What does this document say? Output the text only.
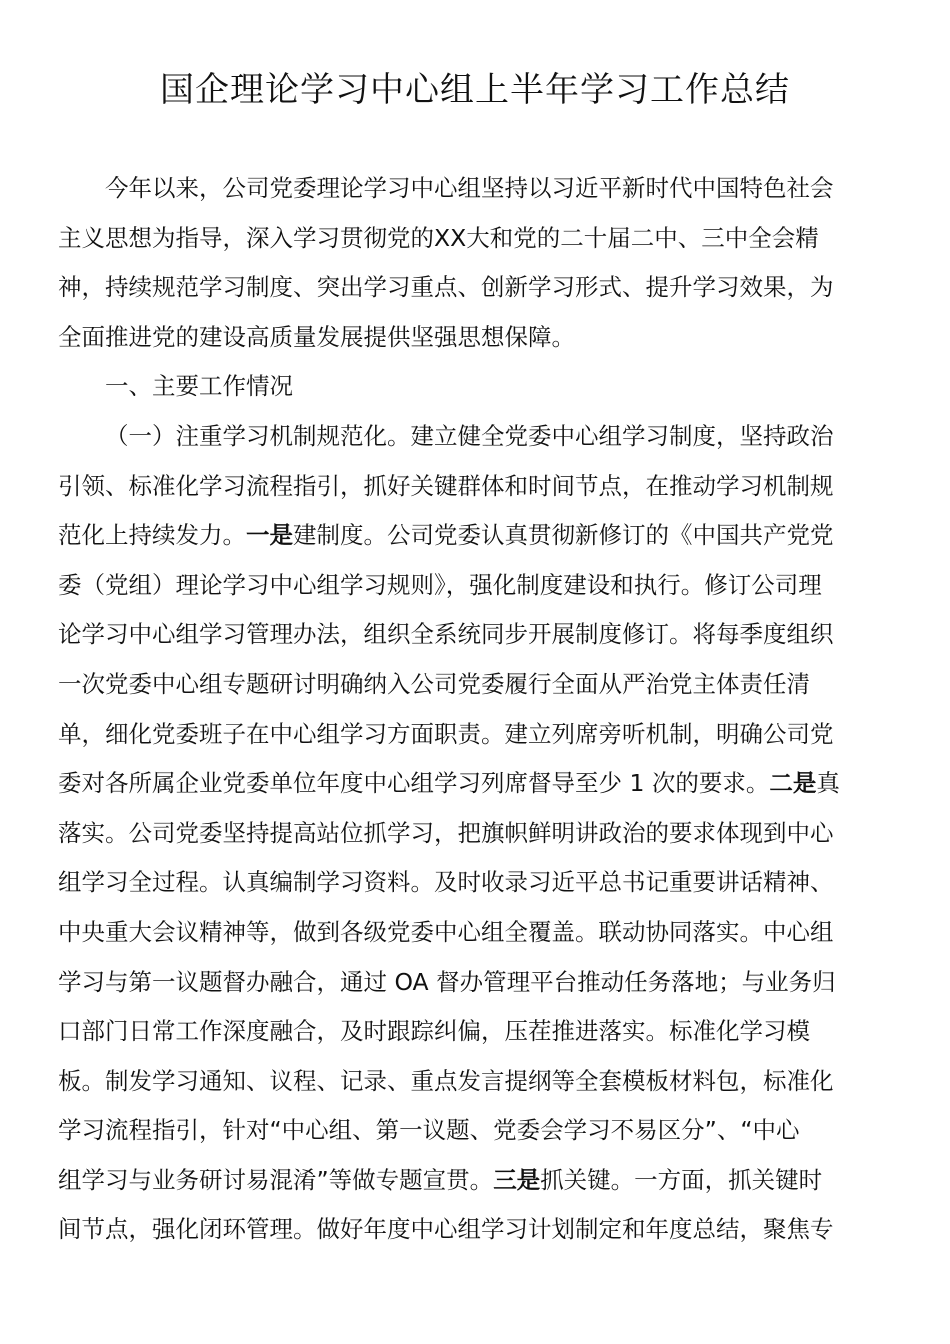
国企理论学习中心组上半年学习工作总结
今年以来，公司党委理论学习中心组坚持以习近平新时代中国特色社会
主义思想为指导，深入学习贯彻党的XX大和党的二十届二中、三中全会精
神，持续规范学习制度、突出学习重点、创新学习形式、提升学习效果，为
全面推进党的建设高质量发展提供坚强思想保障。
一、主要工作情况
（一）注重学习机制规范化。建立健全党委中心组学习制度，坚持政治
引领、标准化学习流程指引，抓好关键群体和时间节点，在推动学习机制规
范化上持续发力。一是建制度。公司党委认真贯彻新修订的《中国共产党党
委（党组）理论学习中心组学习规则》，强化制度建设和执行。修订公司理
论学习中心组学习管理办法，组织全系统同步开展制度修订。将每季度组织
一次党委中心组专题研讨明确纳入公司党委履行全面从严治党主体责任清
单，细化党委班子在中心组学习方面职责。建立列席旁听机制，明确公司党
委对各所属企业党委单位年度中心组学习列席督导至少 1 次的要求。二是真
落实。公司党委坚持提高站位抓学习，把旗帜鲜明讲政治的要求体现到中心
组学习全过程。认真编制学习资料。及时收录习近平总书记重要讲话精神、
中央重大会议精神等，做到各级党委中心组全覆盖。联动协同落实。中心组
学习与第一议题督办融合，通过 OA 督办管理平台推动任务落地；与业务归
口部门日常工作深度融合，及时跟踪纠偏，压茬推进落实。标准化学习模
板。制发学习通知、议程、记录、重点发言提纲等全套模板材料包，标准化
学习流程指引，针对“中心组、第一议题、党委会学习不易区分”、“中心
组学习与业务研讨易混淆”等做专题宣贯。三是抓关键。一方面，抓关键时
间节点，强化闭环管理。做好年度中心组学习计划制定和年度总结，聚焦专
